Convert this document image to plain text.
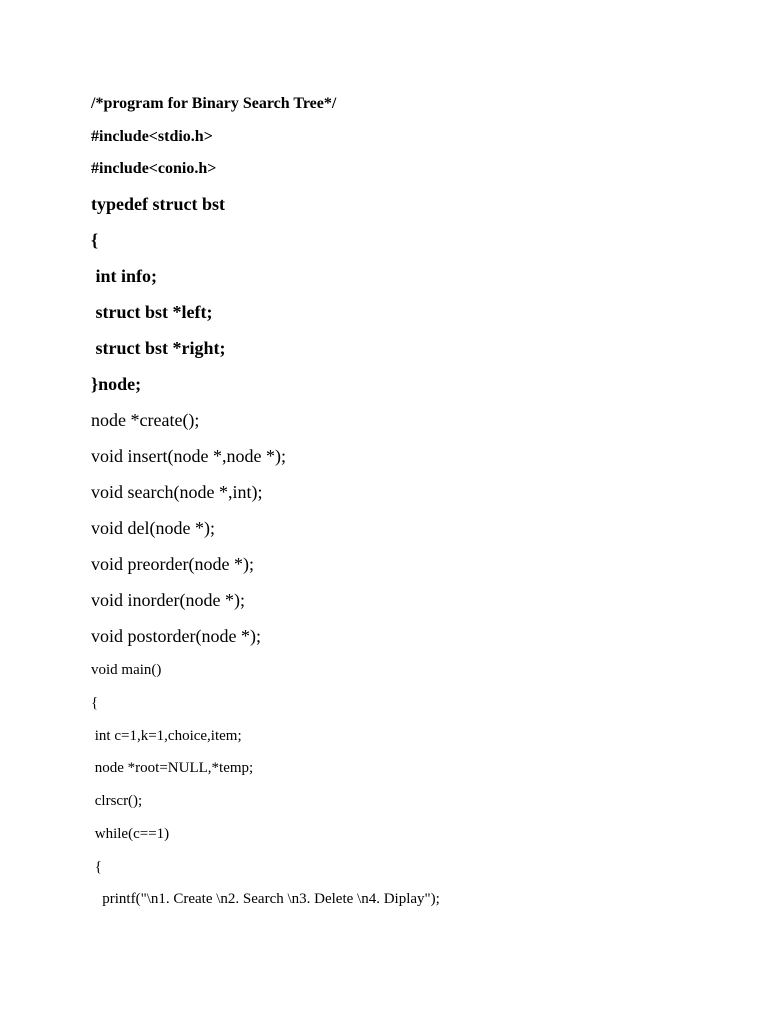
/*program for Binary Search Tree*/
#include<stdio.h>
#include<conio.h>
typedef struct bst
{
int info;
struct bst *left;
struct bst *right;
}node;
node *create();
void insert(node *,node *);
void search(node *,int);
void del(node *);
void preorder(node *);
void inorder(node *);
void postorder(node *);
void main()
{
int c=1,k=1,choice,item;
node *root=NULL,*temp;
clrscr();
while(c==1)
{
printf("\n1. Create \n2. Search \n3. Delete \n4. Diplay");
